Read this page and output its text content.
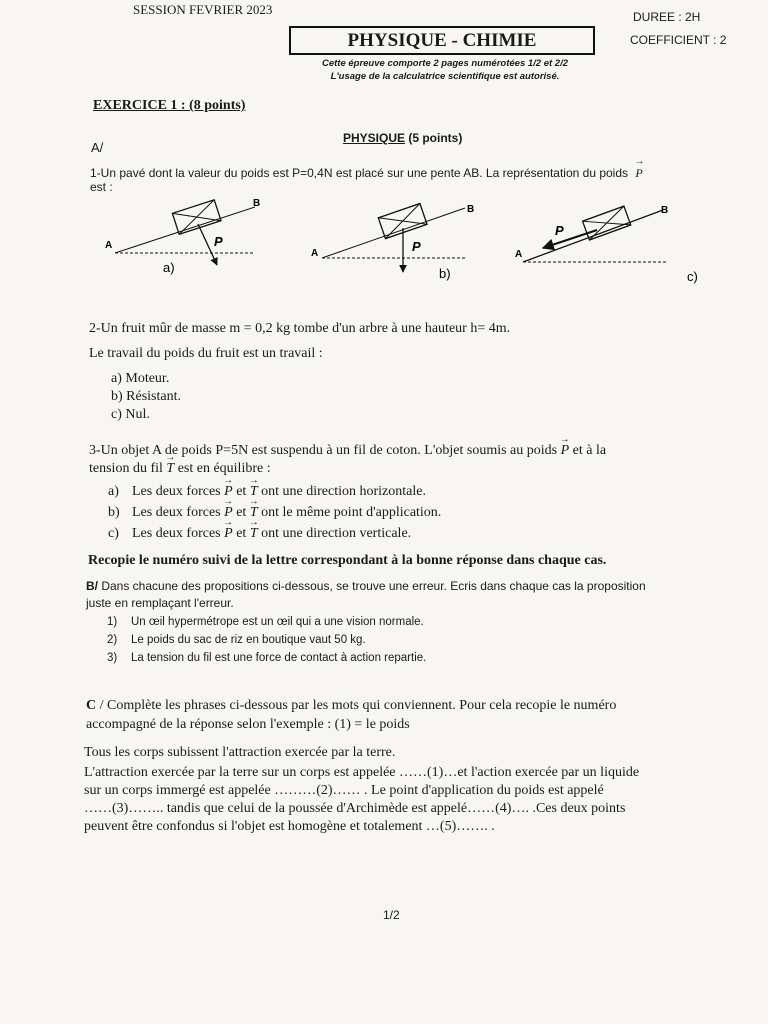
SESSION FEVRIER 2023	DUREE : 2H
COEFFICIENT : 2
PHYSIQUE - CHIMIE
Cette épreuve comporte 2 pages numérotées 1/2 et 2/2
L'usage de la calculatrice scientifique est autorisé.
EXERCICE 1 : (8 points)
PHYSIQUE (5 points)
A/
1-Un pavé dont la valeur du poids est P=0,4N est placé sur une pente AB. La représentation du poids → P
est :
A
B
P
a)
A
B
P
b)
A
B
P
c)
2-Un fruit mûr de masse m = 0,2 kg tombe d'un arbre à une hauteur h= 4m.
Le travail du poids du fruit est un travail :
a) Moteur.
b) Résistant.
c) Nul.
3-Un objet A de poids P=5N est suspendu à un fil de coton. L'objet soumis au poids → P et à la
tension du fil → T est en équilibre :
a) Les deux forces → P et → T ont une direction horizontale.
b) Les deux forces → P et → T ont le même point d'application.
c) Les deux forces → P et → T ont une direction verticale.
Recopie le numéro suivi de la lettre correspondant à la bonne réponse dans chaque cas.
B/ Dans chacune des propositions ci-dessous, se trouve une erreur. Ecris dans chaque cas la proposition
juste en remplaçant l'erreur.
1) Un œil hypermétrope est un œil qui a une vision normale.
2) Le poids du sac de riz en boutique vaut 50 kg.
3) La tension du fil est une force de contact à action repartie.
C / Complète les phrases ci-dessous par les mots qui conviennent. Pour cela recopie le numéro
accompagné de la réponse selon l'exemple : (1) = le poids
Tous les corps subissent l'attraction exercée par la terre.
L'attraction exercée par la terre sur un corps est appelée ……(1)…et l'action exercée par un liquide
sur un corps immergé est appelée ………(2)…… . Le point d'application du poids est appelé
……(3)…….. tandis que celui de la poussée d'Archimède est appelé……(4)…. .Ces deux points
peuvent être confondus si l'objet est homogène et totalement …(5)……. .
1/2
